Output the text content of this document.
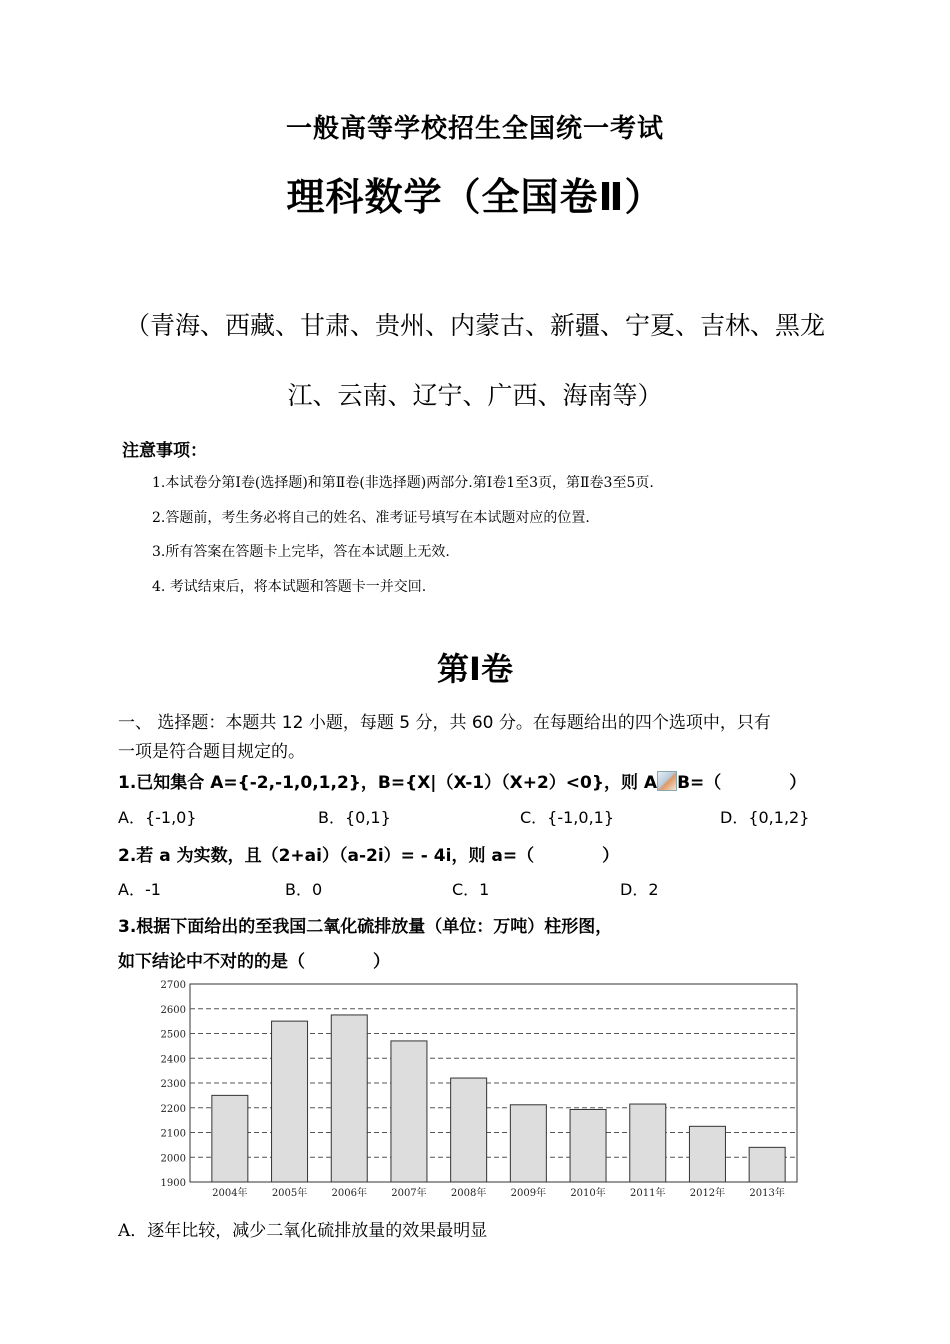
一般高等学校招生全国统一考试
理科数学（全国卷Ⅱ）
（青海、西藏、甘肃、贵州、内蒙古、新疆、宁夏、吉林、黑龙
江、云南、辽宁、广西、海南等）
注意事项：
1.本试卷分第Ⅰ卷(选择题)和第Ⅱ卷(非选择题)两部分.第Ⅰ卷1至3页，第Ⅱ卷3至5页.
2.答题前，考生务必将自己的姓名、准考证号填写在本试题对应的位置.
3.所有答案在答题卡上完毕，答在本试题上无效.
4. 考试结束后，将本试题和答题卡一并交回.
第Ⅰ卷
一、 选择题：本题共 12 小题，每题 5 分，共 60 分。在每题给出的四个选项中，只有
一项是符合题目规定的。
1.已知集合 A={-2,-1,0,1,2}，B={X|（X-1）（X+2）<0}，则 A B=（　　　　）
A．{-1,0}	B．{0,1}	C．{-1,0,1}	D．{0,1,2}
2.若 a 为实数，且（2+ai）（a-2i）= - 4i，则 a=（　　　　）
A．-1	B．0	C．1	D．2
3.根据下面给出的至我国二氧化硫排放量（单位：万吨）柱形图，
如下结论中不对的的是（　　　　）
1900
2000
2100
2200
2300
2400
2500
2600
2700
2004年 2005年 2006年 2007年 2008年 2009年 2010年 2011年 2012年 2013年
A．逐年比较，减少二氧化硫排放量的效果最明显
